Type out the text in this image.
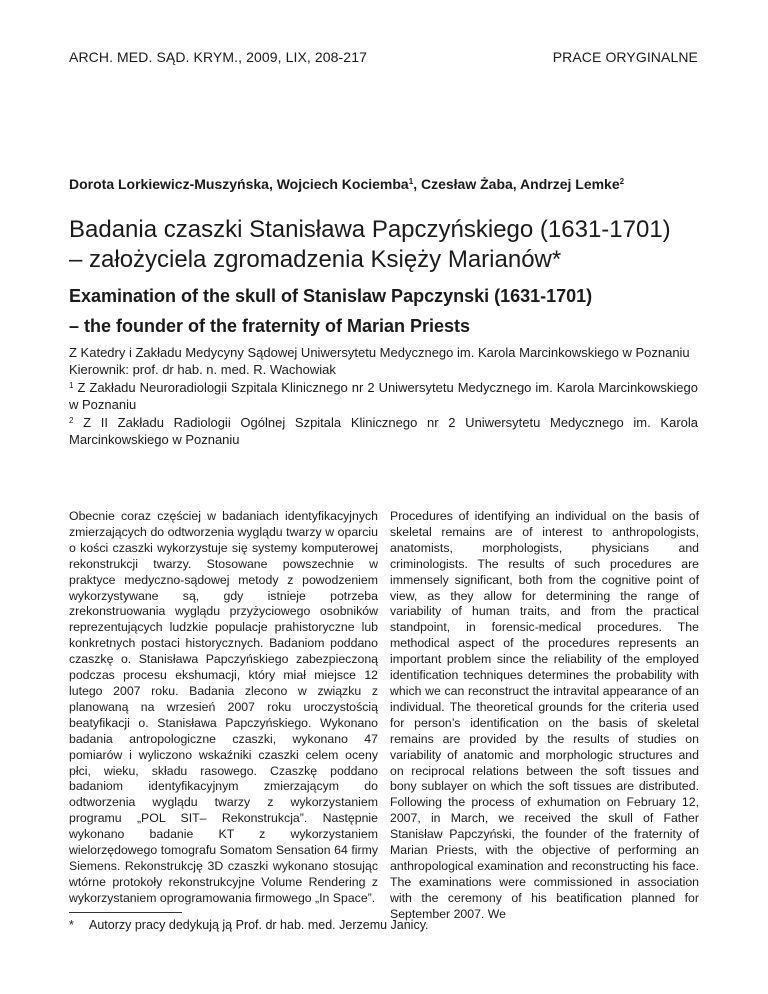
ARCH. MED. SĄD. KRYM., 2009, LIX, 208-217	PRACE ORYGINALNE
Dorota Lorkiewicz-Muszyńska, Wojciech Kociemba$^1$, Czesław Żaba, Andrzej Lemke$^2$
Badania czaszki Stanisława Papczyńskiego (1631-1701)
– założyciela zgromadzenia Księży Marianów*
Examination of the skull of Stanislaw Papczynski (1631-1701)
– the founder of the fraternity of Marian Priests

Z Katedry i Zakładu Medycyny Sądowej Uniwersytetu Medycznego im. Karola Marcinkowskiego w Poznaniu

Kierownik: prof. dr hab. n. med. R. Wachowiak

$^1$ Z Zakładu Neuroradiologii Szpitala Klinicznego nr 2 Uniwersytetu Medycznego im. Karola Marcinkowskiego w Poznaniu

$^2$ Z II Zakładu Radiologii Ogólnej Szpitala Klinicznego nr 2 Uniwersytetu Medycznego im. Karola Marcinkowskiego w Poznaniu

Obecnie coraz częściej w badaniach identyfikacyjnych zmierzających do odtworzenia wyglądu twarzy w oparciu o kości czaszki wykorzystuje się systemy komputerowej rekonstrukcji twarzy. Stosowane powszechnie w praktyce medyczno-sądowej metody z powodzeniem wykorzystywane są, gdy istnieje potrzeba zrekonstruowania wyglądu przyżyciowego osobników reprezentujących ludzkie populacje prahistoryczne lub konkretnych postaci historycznych. Badaniom poddano czaszkę o. Stanisława Papczyńskiego zabezpieczoną podczas procesu ekshumacji, który miał miejsce 12 lutego 2007 roku. Badania zlecono w związku z planowaną na wrzesień 2007 roku uroczystością beatyfikacji o. Stanisława Papczyńskiego. Wykonano badania antropologiczne czaszki, wykonano 47 pomiarów i wyliczono wskaźniki czaszki celem oceny płci, wieku, składu rasowego. Czaszkę poddano badaniom identyfikacyjnym zmierzającym do odtworzenia wyglądu twarzy z wykorzystaniem programu „POL SIT– Rekonstrukcja”. Następnie wykonano badanie KT z wykorzystaniem wielorzędowego tomografu Somatom Sensation 64 firmy Siemens. Rekonstrukcję 3D czaszki wykonano stosując wtórne protokoły rekonstrukcyjne Volume Rendering z wykorzystaniem oprogramowania firmowego „In Space”.

Procedures of identifying an individual on the basis of skeletal remains are of interest to anthropologists, anatomists, morphologists, physicians and criminologists. The results of such procedures are immensely significant, both from the cognitive point of view, as they allow for determining the range of variability of human traits, and from the practical standpoint, in forensic-medical procedures. The methodical aspect of the procedures represents an important problem since the reliability of the employed identification techniques determines the probability with which we can reconstruct the intravital appearance of an individual. The theoretical grounds for the criteria used for person’s identification on the basis of skeletal remains are provided by the results of studies on variability of anatomic and morphologic structures and on reciprocal relations between the soft tissues and bony sublayer on which the soft tissues are distributed. Following the process of exhumation on February 12, 2007, in March, we received the skull of Father Stanisław Papczyński, the founder of the fraternity of Marian Priests, with the objective of performing an anthropological examination and reconstructing his face. The examinations were commissioned in association with the ceremony of his beatification planned for September 2007. We

* Autorzy pracy dedykują ją Prof. dr hab. med. Jerzemu Janicy.
